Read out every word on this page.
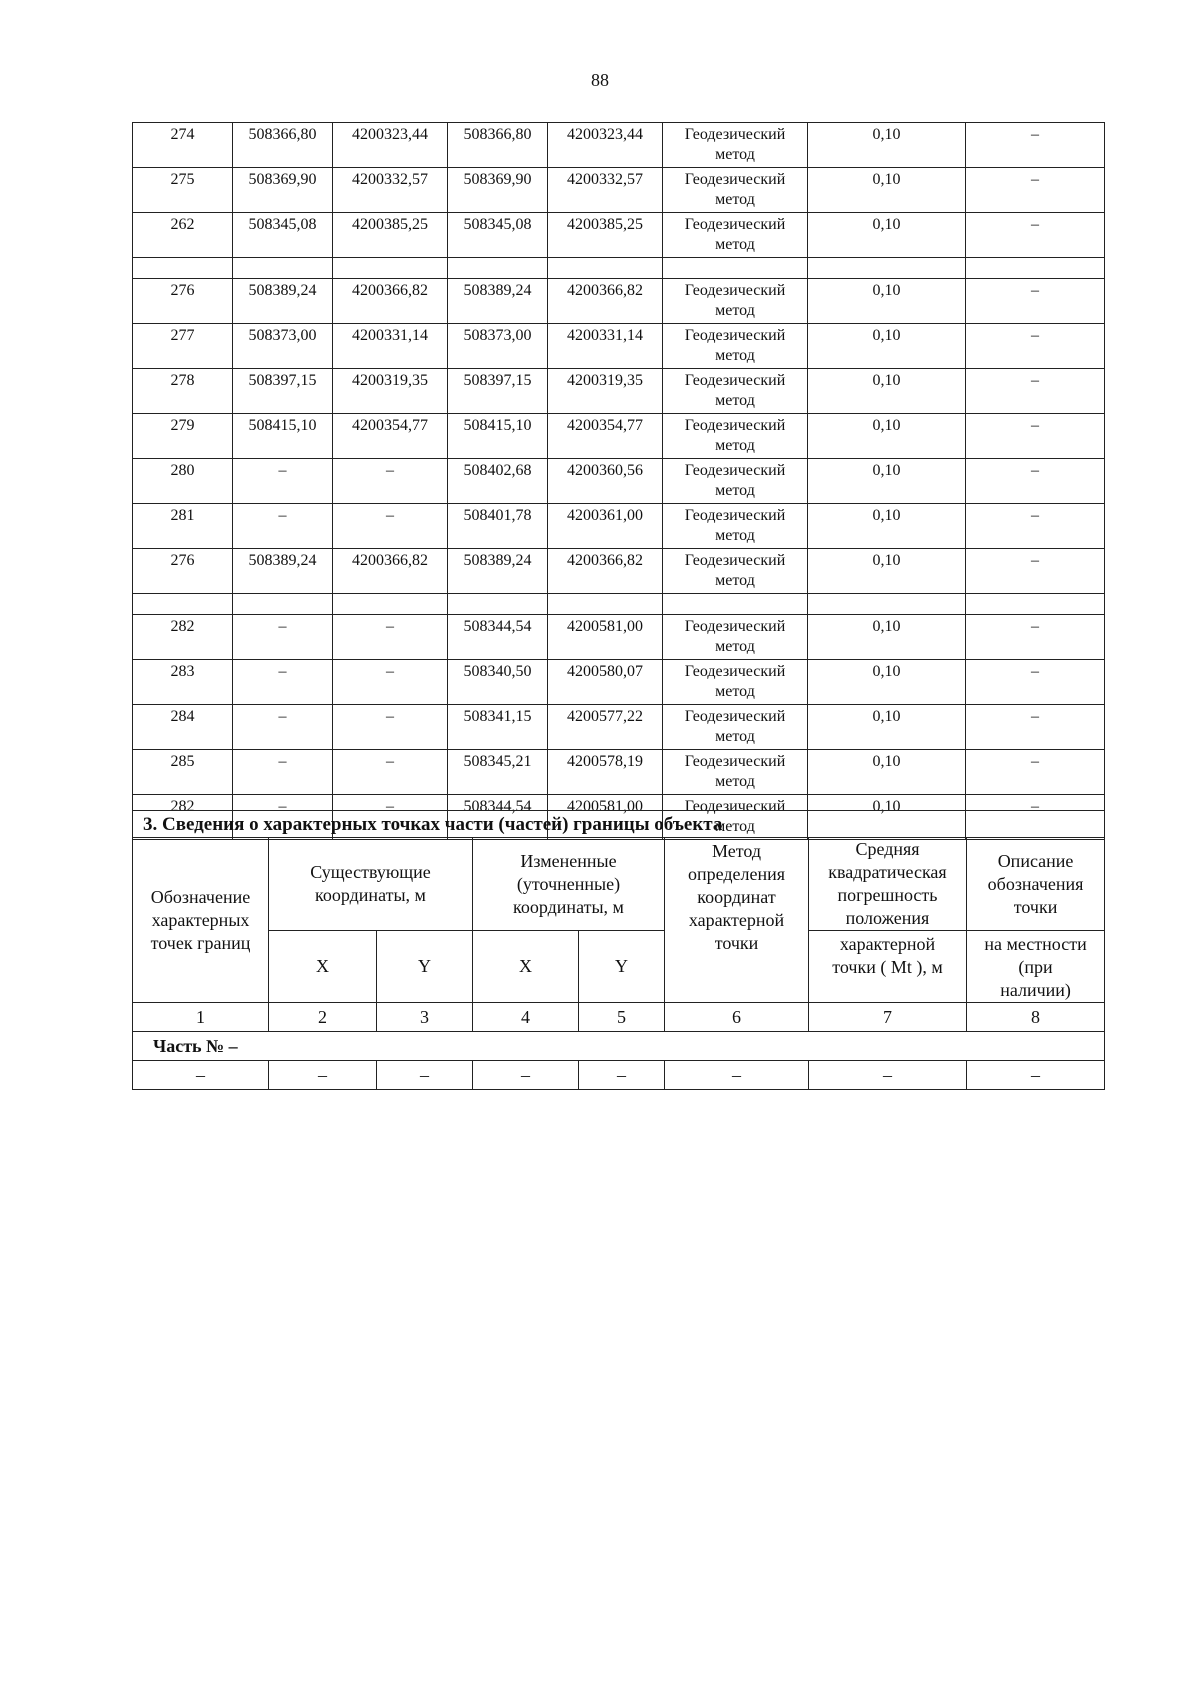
88
274	508366,80	4200323,44	508366,80	4200323,44	Геодезический
метод	0,10	–
275	508369,90	4200332,57	508369,90	4200332,57	Геодезический
метод	0,10	–
262	508345,08	4200385,25	508345,08	4200385,25	Геодезический
метод	0,10	–

276	508389,24	4200366,82	508389,24	4200366,82	Геодезический
метод	0,10	–
277	508373,00	4200331,14	508373,00	4200331,14	Геодезический
метод	0,10	–
278	508397,15	4200319,35	508397,15	4200319,35	Геодезический
метод	0,10	–
279	508415,10	4200354,77	508415,10	4200354,77	Геодезический
метод	0,10	–
280	–	–	508402,68	4200360,56	Геодезический
метод	0,10	–
281	–	–	508401,78	4200361,00	Геодезический
метод	0,10	–
276	508389,24	4200366,82	508389,24	4200366,82	Геодезический
метод	0,10	–

282	–	–	508344,54	4200581,00	Геодезический
метод	0,10	–
283	–	–	508340,50	4200580,07	Геодезический
метод	0,10	–
284	–	–	508341,15	4200577,22	Геодезический
метод	0,10	–
285	–	–	508345,21	4200578,19	Геодезический
метод	0,10	–
282	–	–	508344,54	4200581,00	Геодезический
метод	0,10	–
3. Сведения о характерных точках части (частей) границы объекта							
Обозначение
характерных
точек границ	Существующие
координаты, м		Измененные
(уточненные)
координаты, м		Метод
определения
координат
характерной
точки	Средняя
квадратическая
погрешность
положения	Описание
обозначения
точки
	X	Y	X	Y		характерной
точки ( Mt ), м	на местности
(при
наличии)
1	2	3	4	5	6	7	8
Часть № –							
–	–	–	–	–	–	–	–
